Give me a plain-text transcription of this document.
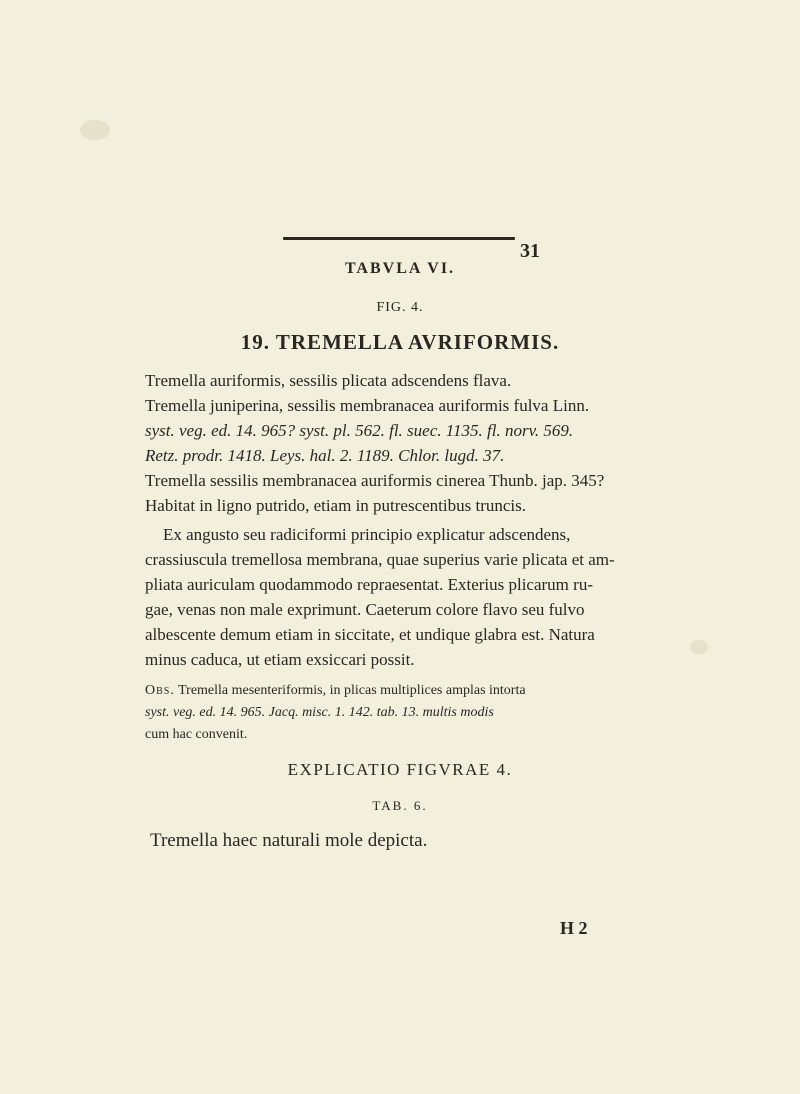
31
TABVLA VI.
FIG. 4.
19. TREMELLA AVRIFORMIS.
Tremella auriformis, sessilis plicata adscendens flava.
Tremella juniperina, sessilis membranacea auriformis fulva Linn.
syst. veg. ed. 14. 965? syst. pl. 562. fl. suec. 1135. fl. norv. 569.
Retz. prodr. 1418. Leys. hal. 2. 1189. Chlor. lugd. 37.
Tremella sessilis membranacea auriformis cinerea Thunb. jap. 345?
Habitat in ligno putrido, etiam in putrescentibus truncis.
Ex angusto seu radiciformi principio explicatur adscendens,
crassiuscula tremellosa membrana, quae superius varie plicata et am-
pliata auriculam quodammodo repraesentat. Exterius plicarum ru-
gae, venas non male exprimunt. Caeterum colore flavo seu fulvo
albescente demum etiam in siccitate, et undique glabra est. Natura
minus caduca, ut etiam exsiccari possit.
Obs. Tremella mesenteriformis, in plicas multiplices amplas intorta
syst. veg. ed. 14. 965. Jacq. misc. 1. 142. tab. 13. multis modis
cum hac convenit.
EXPLICATIO FIGVRAE 4.
TAB. 6.
Tremella haec naturali mole depicta.
H 2
